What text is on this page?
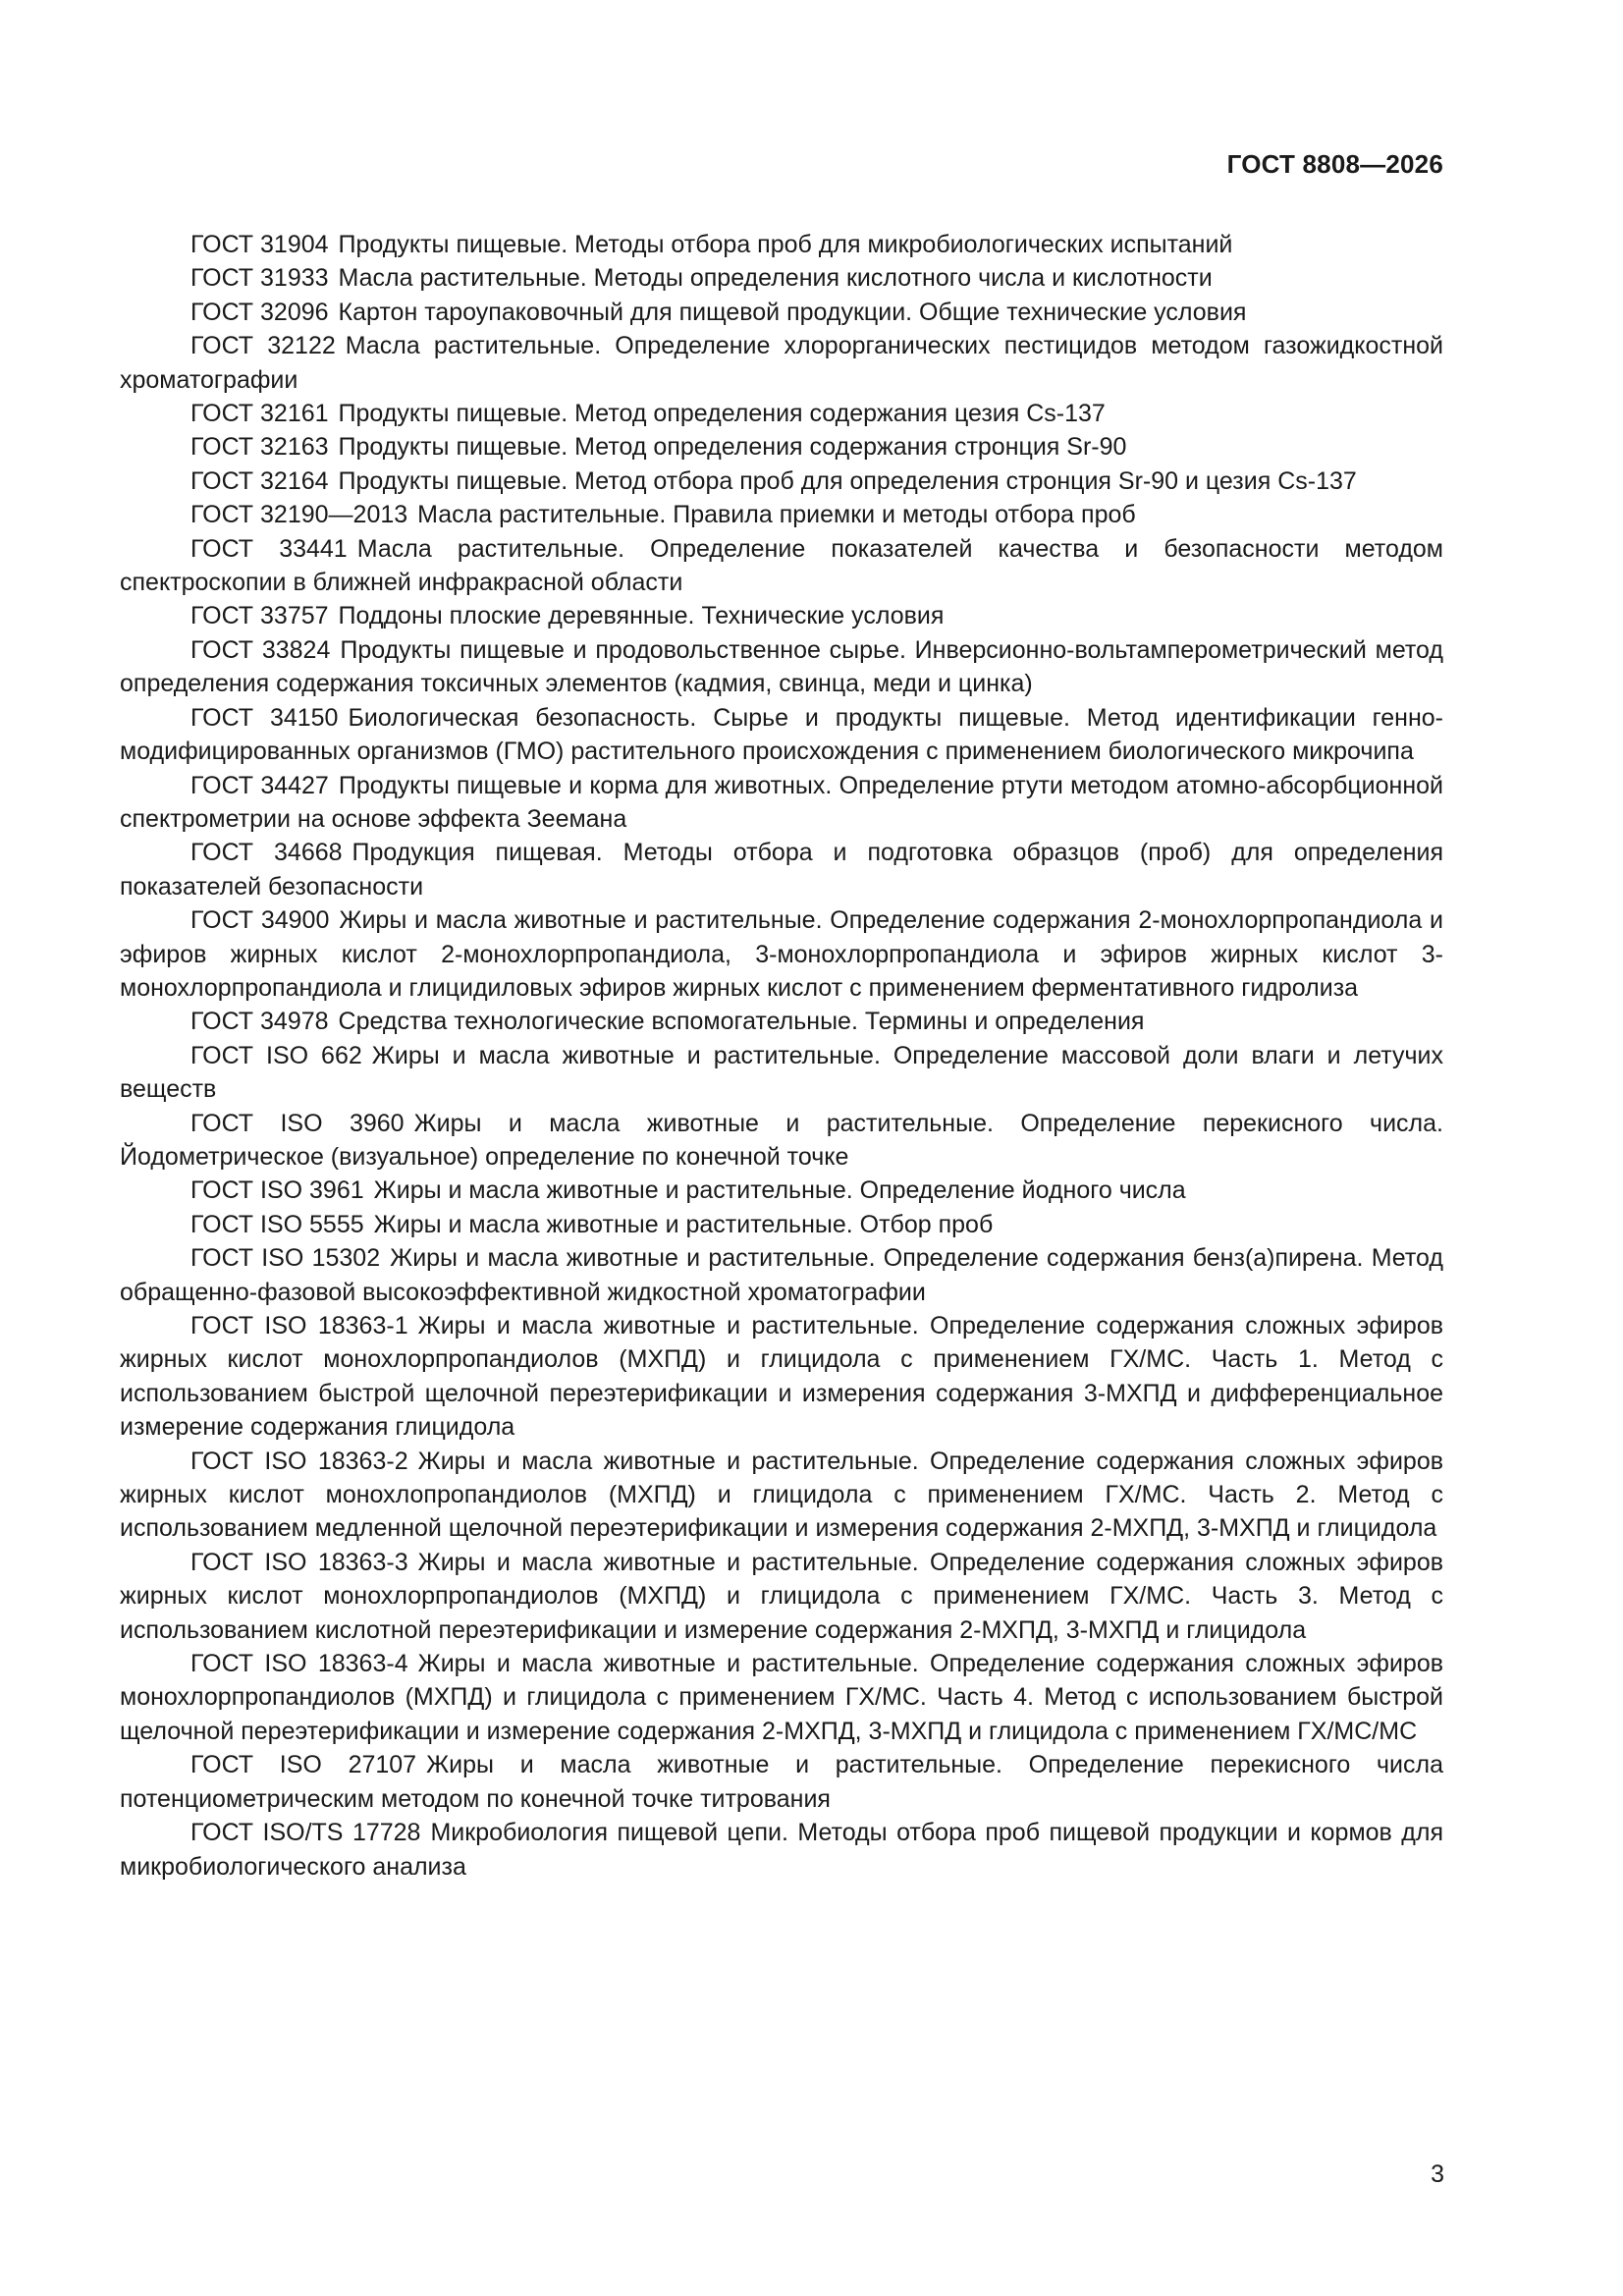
ГОСТ 8808—2026
ГОСТ 31904 Продукты пищевые. Методы отбора проб для микробиологических испытаний
ГОСТ 31933 Масла растительные. Методы определения кислотного числа и кислотности
ГОСТ 32096 Картон тароупаковочный для пищевой продукции. Общие технические условия
ГОСТ 32122 Масла растительные. Определение хлорорганических пестицидов методом газожидкостной хроматографии
ГОСТ 32161 Продукты пищевые. Метод определения содержания цезия Cs-137
ГОСТ 32163 Продукты пищевые. Метод определения содержания стронция Sr-90
ГОСТ 32164 Продукты пищевые. Метод отбора проб для определения стронция Sr-90 и цезия Cs-137
ГОСТ 32190—2013 Масла растительные. Правила приемки и методы отбора проб
ГОСТ 33441 Масла растительные. Определение показателей качества и безопасности методом спектроскопии в ближней инфракрасной области
ГОСТ 33757 Поддоны плоские деревянные. Технические условия
ГОСТ 33824 Продукты пищевые и продовольственное сырье. Инверсионно-вольтамперометрический метод определения содержания токсичных элементов (кадмия, свинца, меди и цинка)
ГОСТ 34150 Биологическая безопасность. Сырье и продукты пищевые. Метод идентификации генно-модифицированных организмов (ГМО) растительного происхождения с применением биологического микрочипа
ГОСТ 34427 Продукты пищевые и корма для животных. Определение ртути методом атомно-абсорбционной спектрометрии на основе эффекта Зеемана
ГОСТ 34668 Продукция пищевая. Методы отбора и подготовка образцов (проб) для определения показателей безопасности
ГОСТ 34900 Жиры и масла животные и растительные. Определение содержания 2-монохлорпропандиола и эфиров жирных кислот 2-монохлорпропандиола, 3-монохлорпропандиола и эфиров жирных кислот 3-монохлорпропандиола и глицидиловых эфиров жирных кислот с применением ферментативного гидролиза
ГОСТ 34978 Средства технологические вспомогательные. Термины и определения
ГОСТ ISO 662 Жиры и масла животные и растительные. Определение массовой доли влаги и летучих веществ
ГОСТ ISO 3960 Жиры и масла животные и растительные. Определение перекисного числа. Йодометрическое (визуальное) определение по конечной точке
ГОСТ ISO 3961 Жиры и масла животные и растительные. Определение йодного числа
ГОСТ ISO 5555 Жиры и масла животные и растительные. Отбор проб
ГОСТ ISO 15302 Жиры и масла животные и растительные. Определение содержания бенз(а)пирена. Метод обращенно-фазовой высокоэффективной жидкостной хроматографии
ГОСТ ISO 18363-1 Жиры и масла животные и растительные. Определение содержания сложных эфиров жирных кислот монохлорпропандиолов (МХПД) и глицидола с применением ГХ/МС. Часть 1. Метод с использованием быстрой щелочной переэтерификации и измерения содержания 3-МХПД и дифференциальное измерение содержания глицидола
ГОСТ ISO 18363-2 Жиры и масла животные и растительные. Определение содержания сложных эфиров жирных кислот монохлопропандиолов (МХПД) и глицидола с применением ГХ/МС. Часть 2. Метод с использованием медленной щелочной переэтерификации и измерения содержания 2-МХПД, 3-МХПД и глицидола
ГОСТ ISO 18363-3 Жиры и масла животные и растительные. Определение содержания сложных эфиров жирных кислот монохлорпропандиолов (МХПД) и глицидола с применением ГХ/МС. Часть 3. Метод с использованием кислотной переэтерификации и измерение содержания 2-МХПД, 3-МХПД и глицидола
ГОСТ ISO 18363-4 Жиры и масла животные и растительные. Определение содержания сложных эфиров монохлорпропандиолов (МХПД) и глицидола с применением ГХ/МС. Часть 4. Метод с использованием быстрой щелочной переэтерификации и измерение содержания 2-МХПД, 3-МХПД и глицидола с применением ГХ/МС/МС
ГОСТ ISO 27107 Жиры и масла животные и растительные. Определение перекисного числа потенциометрическим методом по конечной точке титрования
ГОСТ ISO/TS 17728 Микробиология пищевой цепи. Методы отбора проб пищевой продукции и кормов для микробиологического анализа
3
